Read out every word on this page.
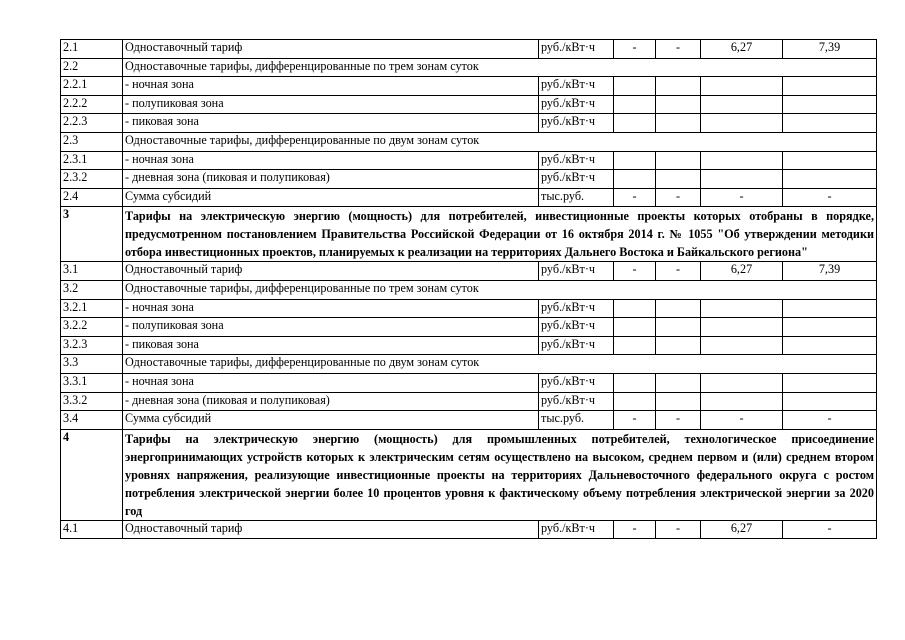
2.1	Одноставочный тариф	руб./кВт·ч	-	-	6,27	7,39
2.2	Одноставочные тарифы, дифференцированные по трем зонам суток					
2.2.1	- ночная зона	руб./кВт·ч				
2.2.2	- полупиковая зона	руб./кВт·ч				
2.2.3	- пиковая зона	руб./кВт·ч				
2.3	Одноставочные тарифы, дифференцированные по двум зонам суток					
2.3.1	- ночная зона	руб./кВт·ч				
2.3.2	- дневная зона (пиковая и полупиковая)	руб./кВт·ч				
2.4	Сумма субсидий	тыс.руб.	-	-	-	-
3	Тарифы на электрическую энергию (мощность) для потребителей, инвестиционные проекты которых отобраны в порядке, предусмотренном постановлением Правительства Российской Федерации от 16 октября 2014 г. № 1055 "Об утверждении методики отбора инвестиционных проектов, планируемых к реализации на территориях Дальнего Востока и Байкальского региона"					
3.1	Одноставочный тариф	руб./кВт·ч	-	-	6,27	7,39
3.2	Одноставочные тарифы, дифференцированные по трем зонам суток					
3.2.1	- ночная зона	руб./кВт·ч				
3.2.2	- полупиковая зона	руб./кВт·ч				
3.2.3	- пиковая зона	руб./кВт·ч				
3.3	Одноставочные тарифы, дифференцированные по двум зонам суток					
3.3.1	- ночная зона	руб./кВт·ч				
3.3.2	- дневная зона (пиковая и полупиковая)	руб./кВт·ч				
3.4	Сумма субсидий	тыс.руб.	-	-	-	-
4	Тарифы на электрическую энергию (мощность) для промышленных потребителей, технологическое присоединение энергопринимающих устройств которых к электрическим сетям осуществлено на высоком, среднем первом и (или) среднем втором уровнях напряжения, реализующие инвестиционные проекты на территориях Дальневосточного федерального округа с ростом потребления электрической энергии более 10 процентов уровня к фактическому объему потребления электрической энергии за 2020 год					
4.1	Одноставочный тариф	руб./кВт·ч	-	-	6,27	-
